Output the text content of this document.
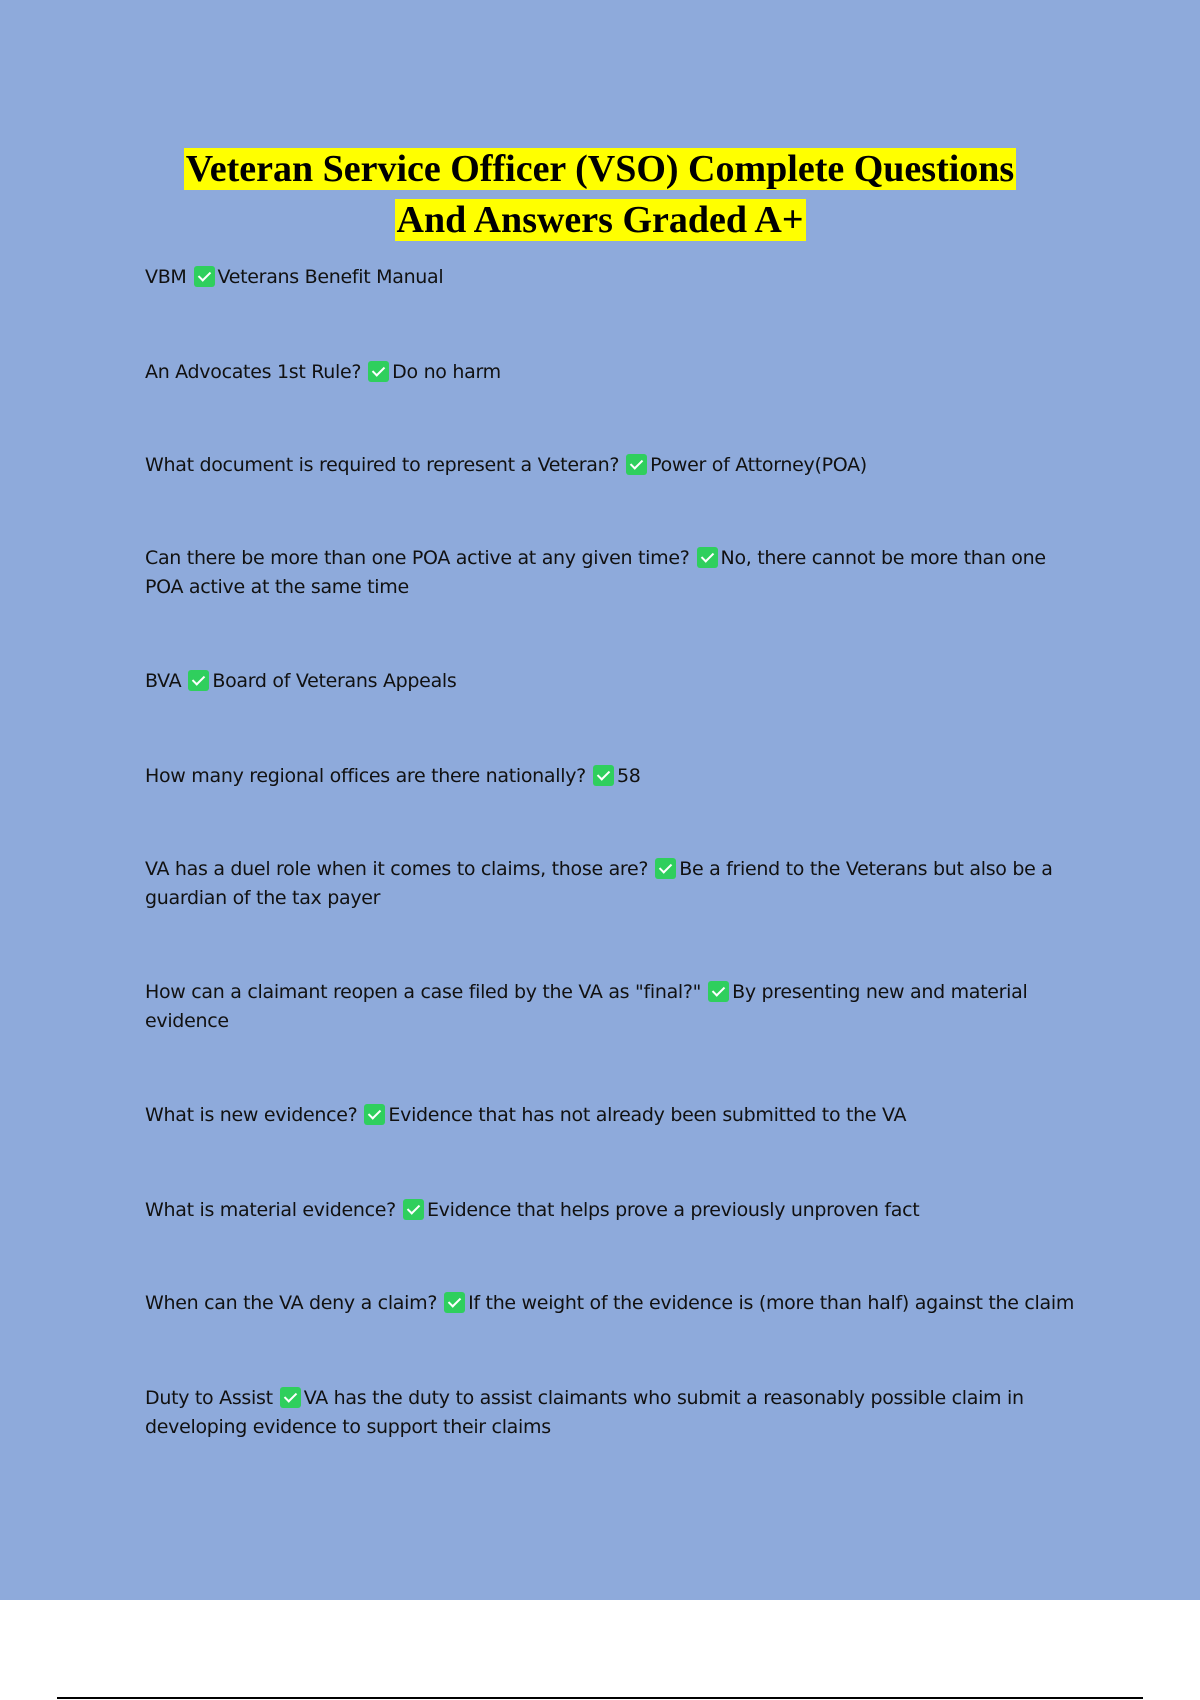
Veteran Service Officer (VSO) Complete Questions
And Answers Graded A+
VBM Veterans Benefit Manual
An Advocates 1st Rule? Do no harm
What document is required to represent a Veteran? Power of Attorney(POA)
Can there be more than one POA active at any given time? No, there cannot be more than one POA active at the same time
BVA Board of Veterans Appeals
How many regional offices are there nationally? 58
VA has a duel role when it comes to claims, those are? Be a friend to the Veterans but also be a guardian of the tax payer
How can a claimant reopen a case filed by the VA as "final?" By presenting new and material evidence
What is new evidence? Evidence that has not already been submitted to the VA
What is material evidence? Evidence that helps prove a previously unproven fact
When can the VA deny a claim? If the weight of the evidence is (more than half) against the claim
Duty to Assist VA has the duty to assist claimants who submit a reasonably possible claim in developing evidence to support their claims
